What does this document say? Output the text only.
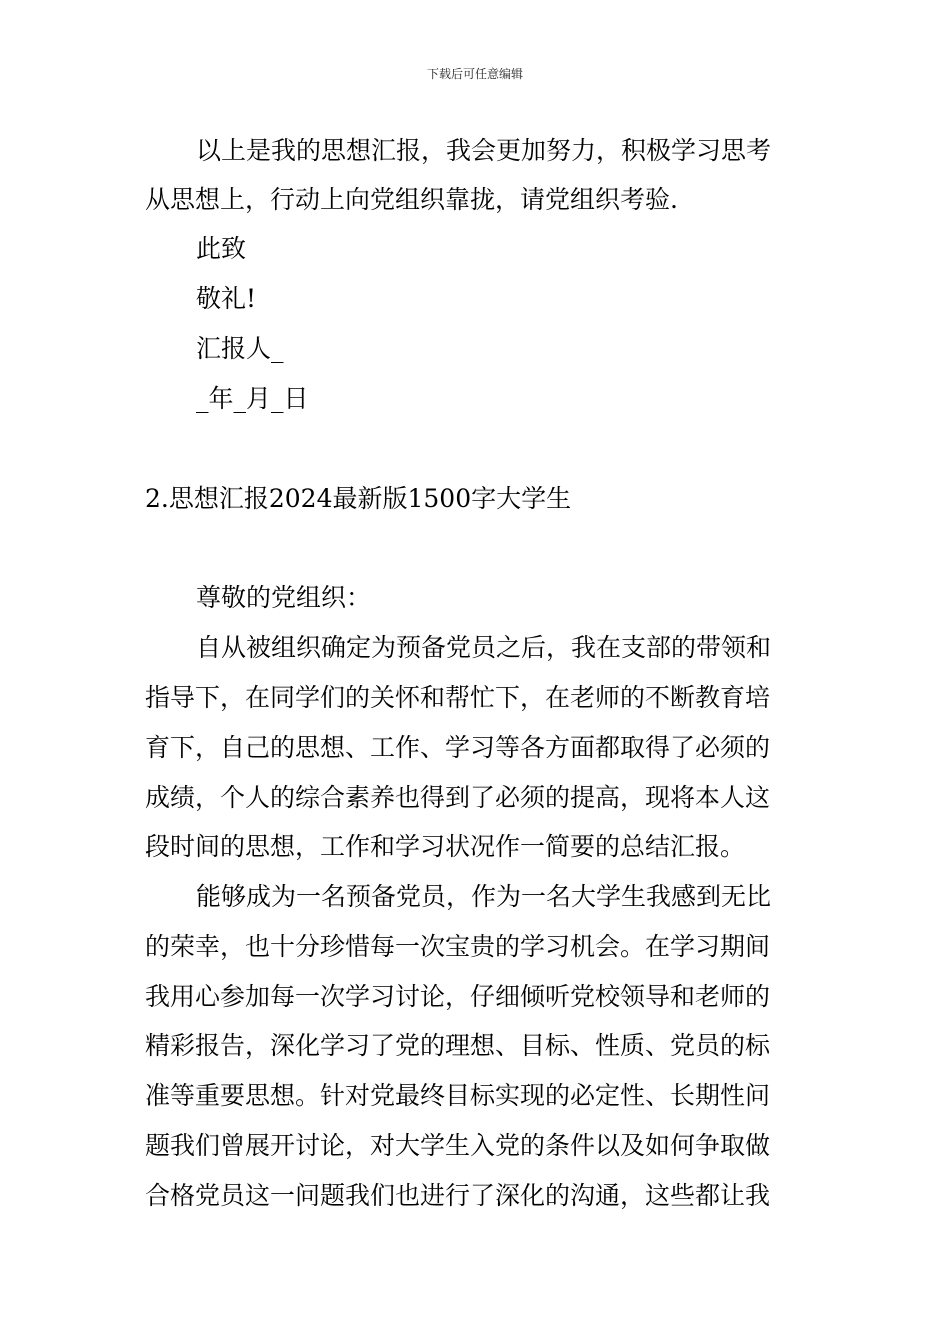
下载后可任意编辑
以上是我的思想汇报，我会更加努力，积极学习思考
从思想上，行动上向党组织靠拢，请党组织考验.
此致
敬礼!
汇报人_
_年_月_日
2.思想汇报2024最新版1500字大学生
尊敬的党组织：
自从被组织确定为预备党员之后，我在支部的带领和
指导下，在同学们的关怀和帮忙下，在老师的不断教育培
育下，自己的思想、工作、学习等各方面都取得了必须的
成绩，个人的综合素养也得到了必须的提高，现将本人这
段时间的思想，工作和学习状况作一简要的总结汇报。
能够成为一名预备党员，作为一名大学生我感到无比
的荣幸，也十分珍惜每一次宝贵的学习机会。在学习期间
我用心参加每一次学习讨论，仔细倾听党校领导和老师的
精彩报告，深化学习了党的理想、目标、性质、党员的标
准等重要思想。针对党最终目标实现的必定性、长期性问
题我们曾展开讨论，对大学生入党的条件以及如何争取做
合格党员这一问题我们也进行了深化的沟通，这些都让我
